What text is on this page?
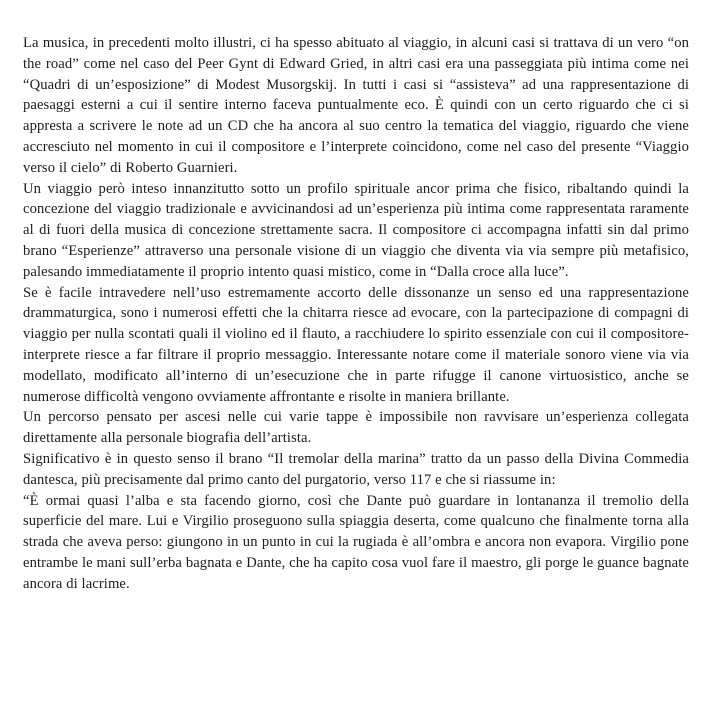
La musica, in precedenti molto illustri, ci ha spesso abituato al viaggio, in alcuni casi si trattava di un vero “on the road” come nel caso del Peer Gynt di Edward Gried, in altri casi era una passeggiata più intima come nei “Quadri di un’esposizione” di Modest Musorgskij. In tutti i casi si “assisteva” ad una rappresentazione di paesaggi esterni a cui il sentire interno faceva puntualmente eco. È quindi con un certo riguardo che ci si appresta a scrivere le note ad un CD che ha ancora al suo centro la tematica del viaggio, riguardo che viene accresciuto nel momento in cui il compositore e l’interprete coincidono, come nel caso del presente “Viaggio verso il cielo” di Roberto Guarnieri.

Un viaggio però inteso innanzitutto sotto un profilo spirituale ancor prima che fisico, ribaltando quindi la concezione del viaggio tradizionale e avvicinandosi ad un’esperienza più intima come rappresentata raramente al di fuori della musica di concezione strettamente sacra. Il compositore ci accompagna infatti sin dal primo brano “Esperienze” attraverso una personale visione di un viaggio che diventa via via sempre più metafisico, palesando immediatamente il proprio intento quasi mistico, come in “Dalla croce alla luce”.

Se è facile intravedere nell’uso estremamente accorto delle dissonanze un senso ed una rappresentazione drammaturgica, sono i numerosi effetti che la chitarra riesce ad evocare, con la partecipazione di compagni di viaggio per nulla scontati quali il violino ed il flauto, a racchiudere lo spirito essenziale con cui il compositore-interprete riesce a far filtrare il proprio messaggio. Interessante notare come il materiale sonoro viene via via modellato, modificato all’interno di un’esecuzione che in parte rifugge il canone virtuosistico, anche se numerose difficoltà vengono ovviamente affrontante e risolte in maniera brillante.

Un percorso pensato per ascesi nelle cui varie tappe è impossibile non ravvisare un’esperienza collegata direttamente alla personale biografia dell’artista.

Significativo è in questo senso il brano “Il tremolar della marina” tratto da un passo della Divina Commedia dantesca, più precisamente dal primo canto del purgatorio, verso 117 e che si riassume in:

“È ormai quasi l’alba e sta facendo giorno, così che Dante può guardare in lontananza il tremolio della superficie del mare. Lui e Virgilio proseguono sulla spiaggia deserta, come qualcuno che finalmente torna alla strada che aveva perso: giungono in un punto in cui la rugiada è all’ombra e ancora non evapora. Virgilio pone entrambe le mani sull’erba bagnata e Dante, che ha capito cosa vuol fare il maestro, gli porge le guance bagnate ancora di lacrime.
